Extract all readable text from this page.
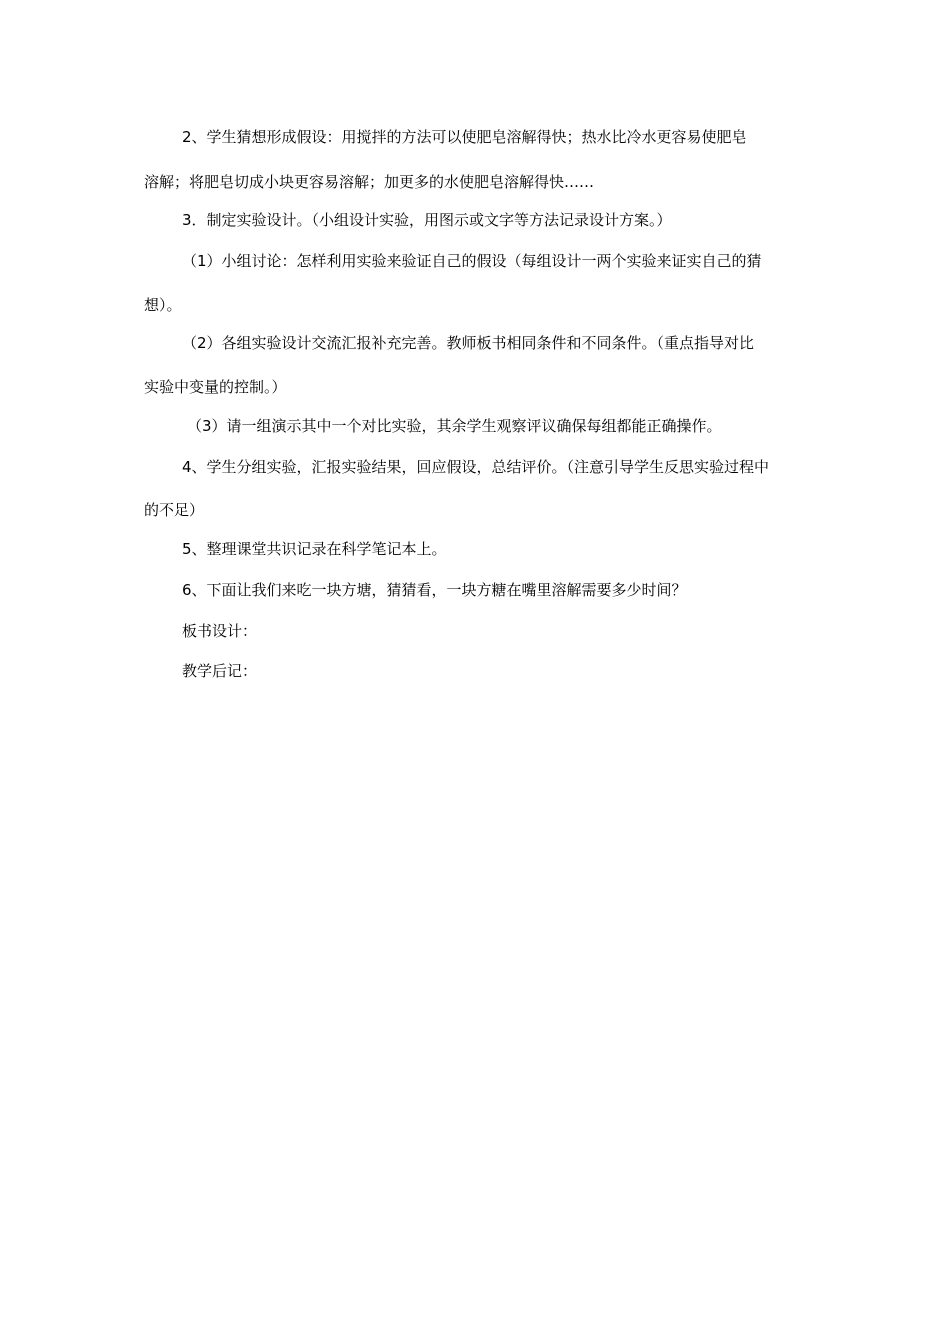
2、学生猜想形成假设：用搅拌的方法可以使肥皂溶解得快；热水比冷水更容易使肥皂

溶解；将肥皂切成小块更容易溶解；加更多的水使肥皂溶解得快……

3．制定实验设计。（小组设计实验，用图示或文字等方法记录设计方案。）

（1）小组讨论：怎样利用实验来验证自己的假设（每组设计一两个实验来证实自己的猜

想）。

（2）各组实验设计交流汇报补充完善。教师板书相同条件和不同条件。（重点指导对比

实验中变量的控制。）

（3）请一组演示其中一个对比实验，其余学生观察评议确保每组都能正确操作。

4、学生分组实验，汇报实验结果，回应假设，总结评价。（注意引导学生反思实验过程中

的不足）

5、整理课堂共识记录在科学笔记本上。

6、下面让我们来吃一块方塘，猜猜看，一块方糖在嘴里溶解需要多少时间？

板书设计：

教学后记：
